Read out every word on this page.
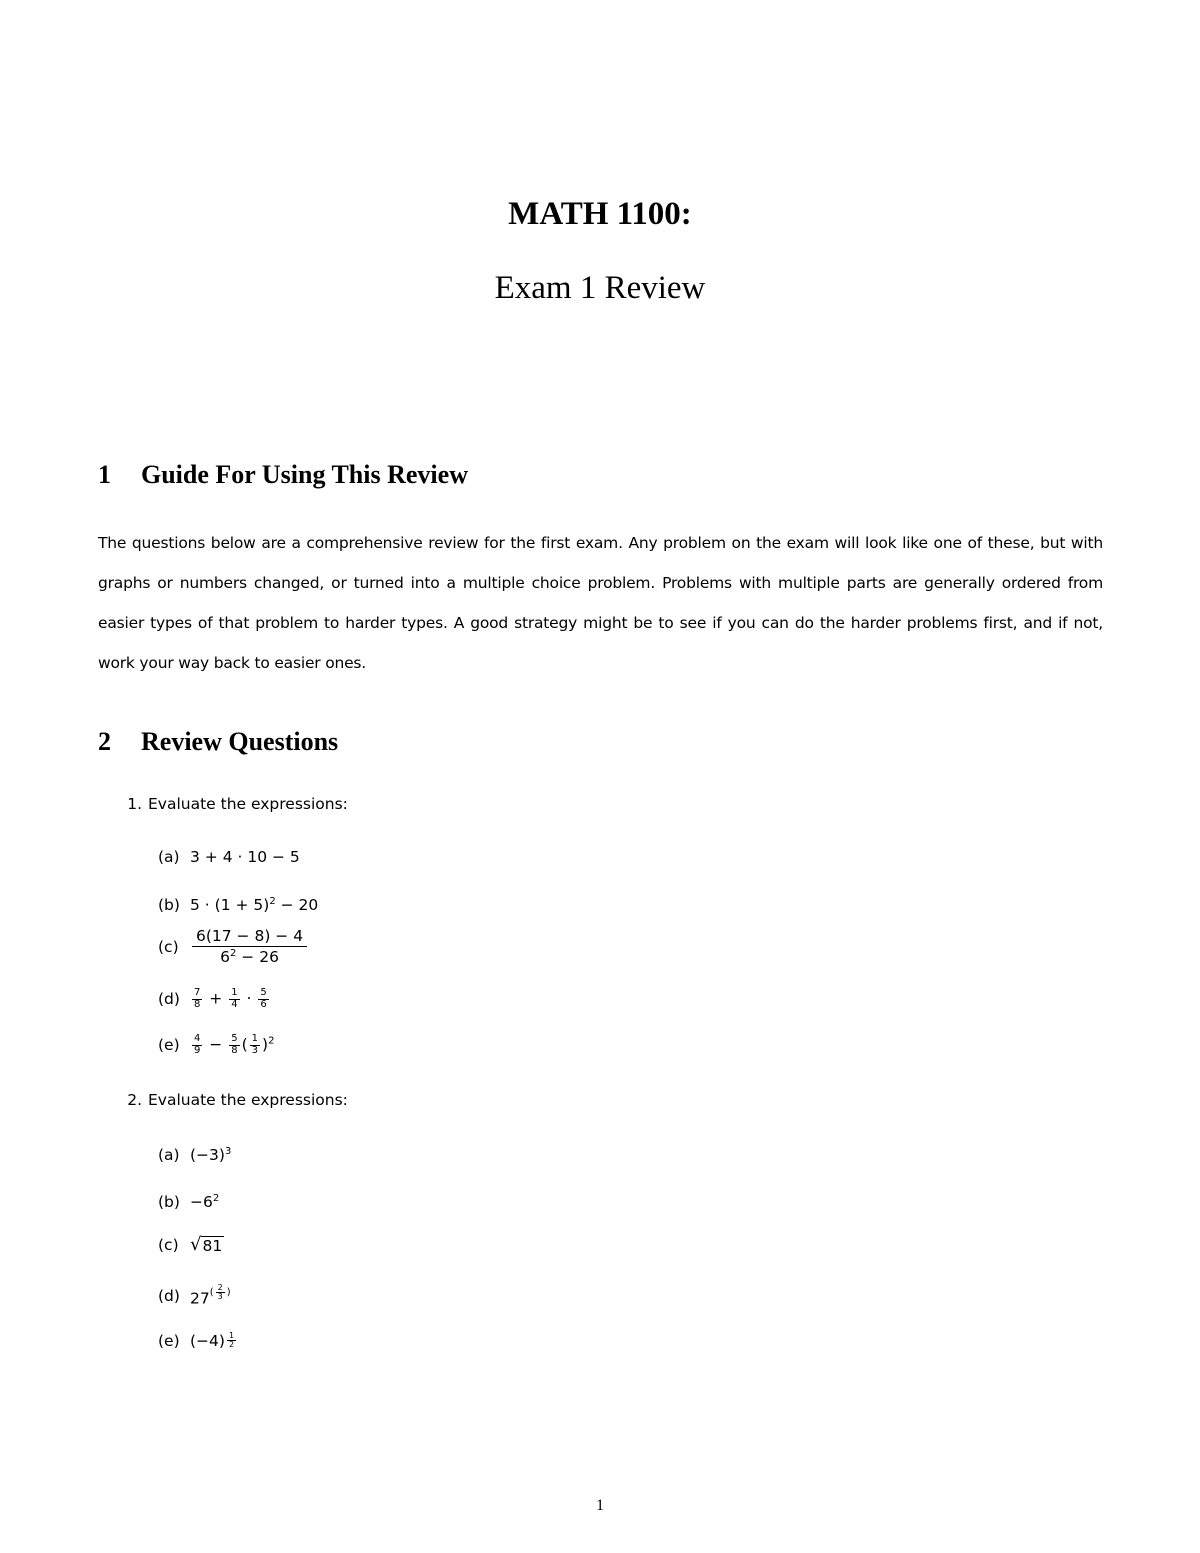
MATH 1100:
Exam 1 Review
1	Guide For Using This Review
The questions below are a comprehensive review for the first exam. Any problem on the exam will look like one of these, but with graphs or numbers changed, or turned into a multiple choice problem. Problems with multiple parts are generally ordered from easier types of that problem to harder types. A good strategy might be to see if you can do the harder problems first, and if not, work your way back to easier ones.
2	Review Questions
1. Evaluate the expressions:
(a) 3 + 4 · 10 − 5
(b) $5 \cdot (1 + 5)^2 - 20$
$(c) \frac{6(17 - 8) - 4}{6^2 - 26}$
(d)	$\frac{7}{8} + \frac{1}{4} \cdot \frac{5}{6}$
(e)	$\frac{4}{9} - \frac{5}{8}$ ( $\frac{1}{3} )^2$
2. Evaluate the expressions:
(a) $(-3)^3$
$(b) -6^2$
(c) √ 81
(d) 27 ( $\frac{2}{3}$ )
(e) $(-4) \frac{1}{2}$
1
